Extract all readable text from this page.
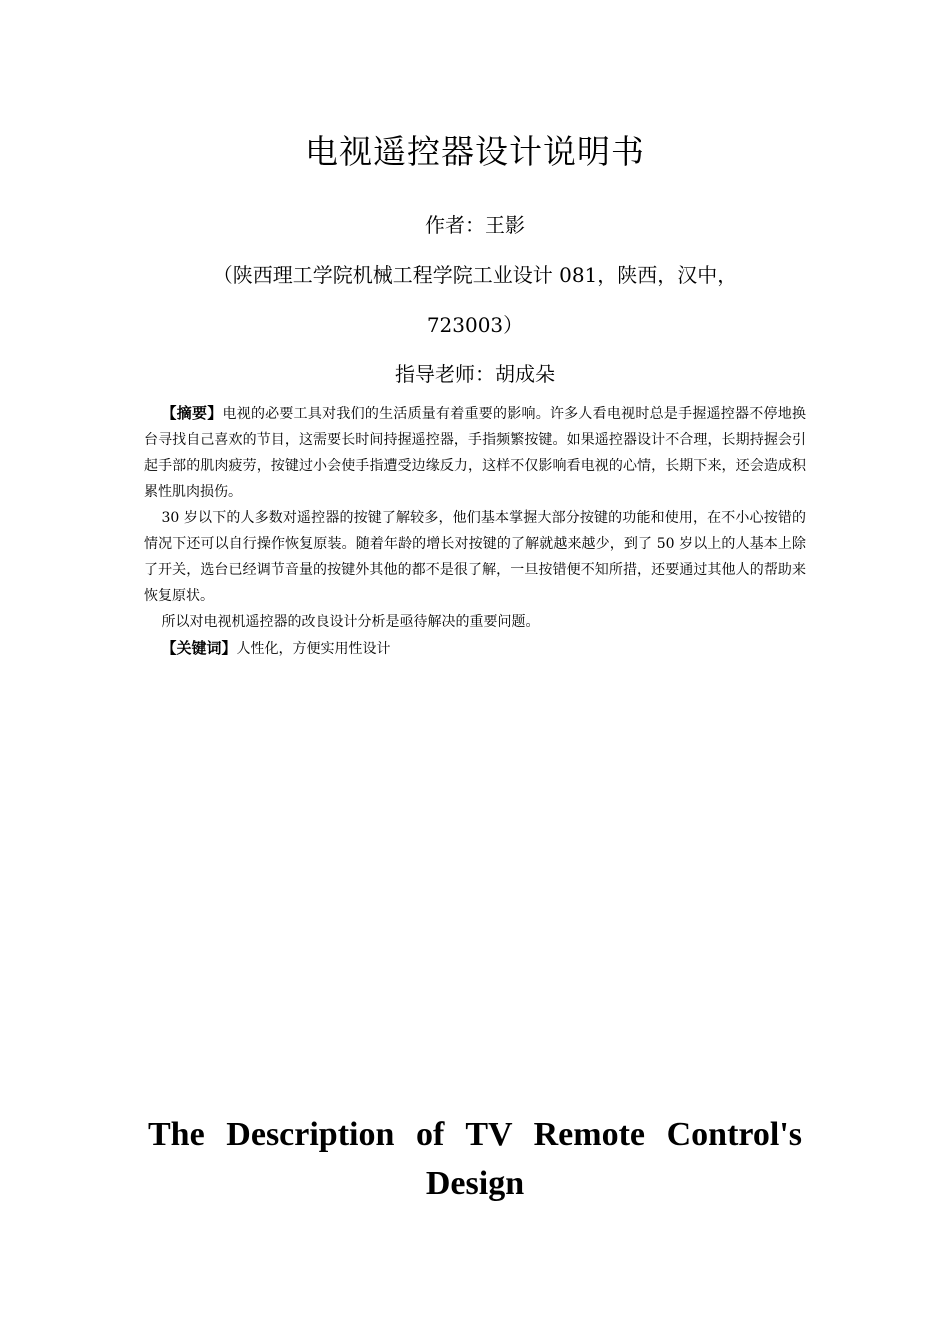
电视遥控器设计说明书
作者：王影
（陕西理工学院机械工程学院工业设计 081，陕西，汉中，
723003）
指导老师：胡成朵

【摘要】电视的必要工具对我们的生活质量有着重要的影响。许多人看电视时总是手握遥控器不停地换台寻找自己喜欢的节目，这需要长时间持握遥控器，手指频繁按键。如果遥控器设计不合理，长期持握会引起手部的肌肉疲劳，按键过小会使手指遭受边缘反力，这样不仅影响看电视的心情，长期下来，还会造成积累性肌肉损伤。

30 岁以下的人多数对遥控器的按键了解较多，他们基本掌握大部分按键的功能和使用，在不小心按错的情况下还可以自行操作恢复原装。随着年龄的增长对按键的了解就越来越少，到了 50 岁以上的人基本上除了开关，选台已经调节音量的按键外其他的都不是很了解，一旦按错便不知所措，还要通过其他人的帮助来恢复原状。

所以对电视机遥控器的改良设计分析是亟待解决的重要问题。

【关键词】人性化，方便实用性设计

The Description of TV Remote Control's Design
